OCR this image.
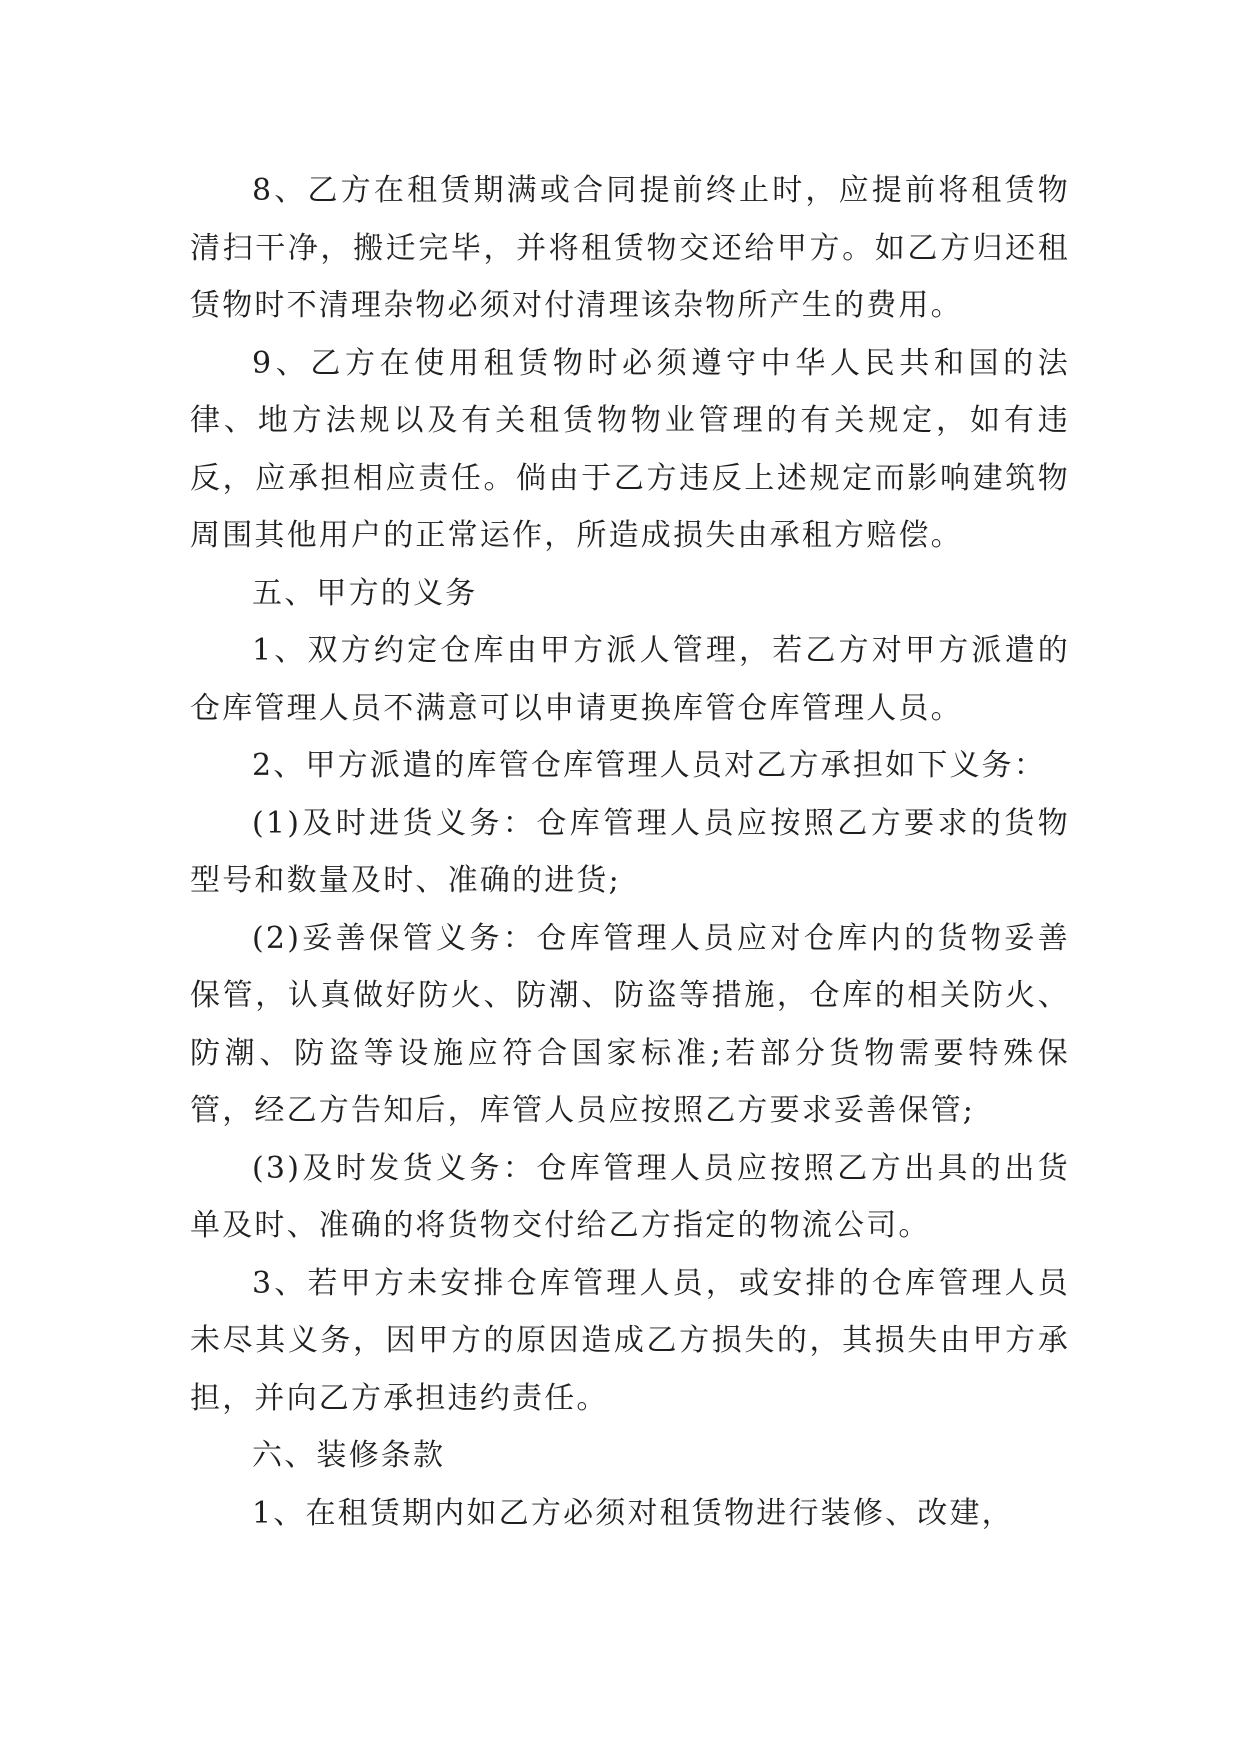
8、乙方在租赁期满或合同提前终止时，应提前将租赁物清扫干净，搬迁完毕，并将租赁物交还给甲方。如乙方归还租赁物时不清理杂物必须对付清理该杂物所产生的费用。

9、乙方在使用租赁物时必须遵守中华人民共和国的法律、地方法规以及有关租赁物物业管理的有关规定，如有违反，应承担相应责任。倘由于乙方违反上述规定而影响建筑物周围其他用户的正常运作，所造成损失由承租方赔偿。

五、甲方的义务

1、双方约定仓库由甲方派人管理，若乙方对甲方派遣的仓库管理人员不满意可以申请更换库管仓库管理人员。

2、甲方派遣的库管仓库管理人员对乙方承担如下义务：

(1)及时进货义务：仓库管理人员应按照乙方要求的货物型号和数量及时、准确的进货;

(2)妥善保管义务：仓库管理人员应对仓库内的货物妥善保管，认真做好防火、防潮、防盗等措施，仓库的相关防火、防潮、防盗等设施应符合国家标准;若部分货物需要特殊保管，经乙方告知后，库管人员应按照乙方要求妥善保管;

(3)及时发货义务：仓库管理人员应按照乙方出具的出货单及时、准确的将货物交付给乙方指定的物流公司。

3、若甲方未安排仓库管理人员，或安排的仓库管理人员未尽其义务，因甲方的原因造成乙方损失的，其损失由甲方承担，并向乙方承担违约责任。

六、装修条款

1、在租赁期内如乙方必须对租赁物进行装修、改建，
